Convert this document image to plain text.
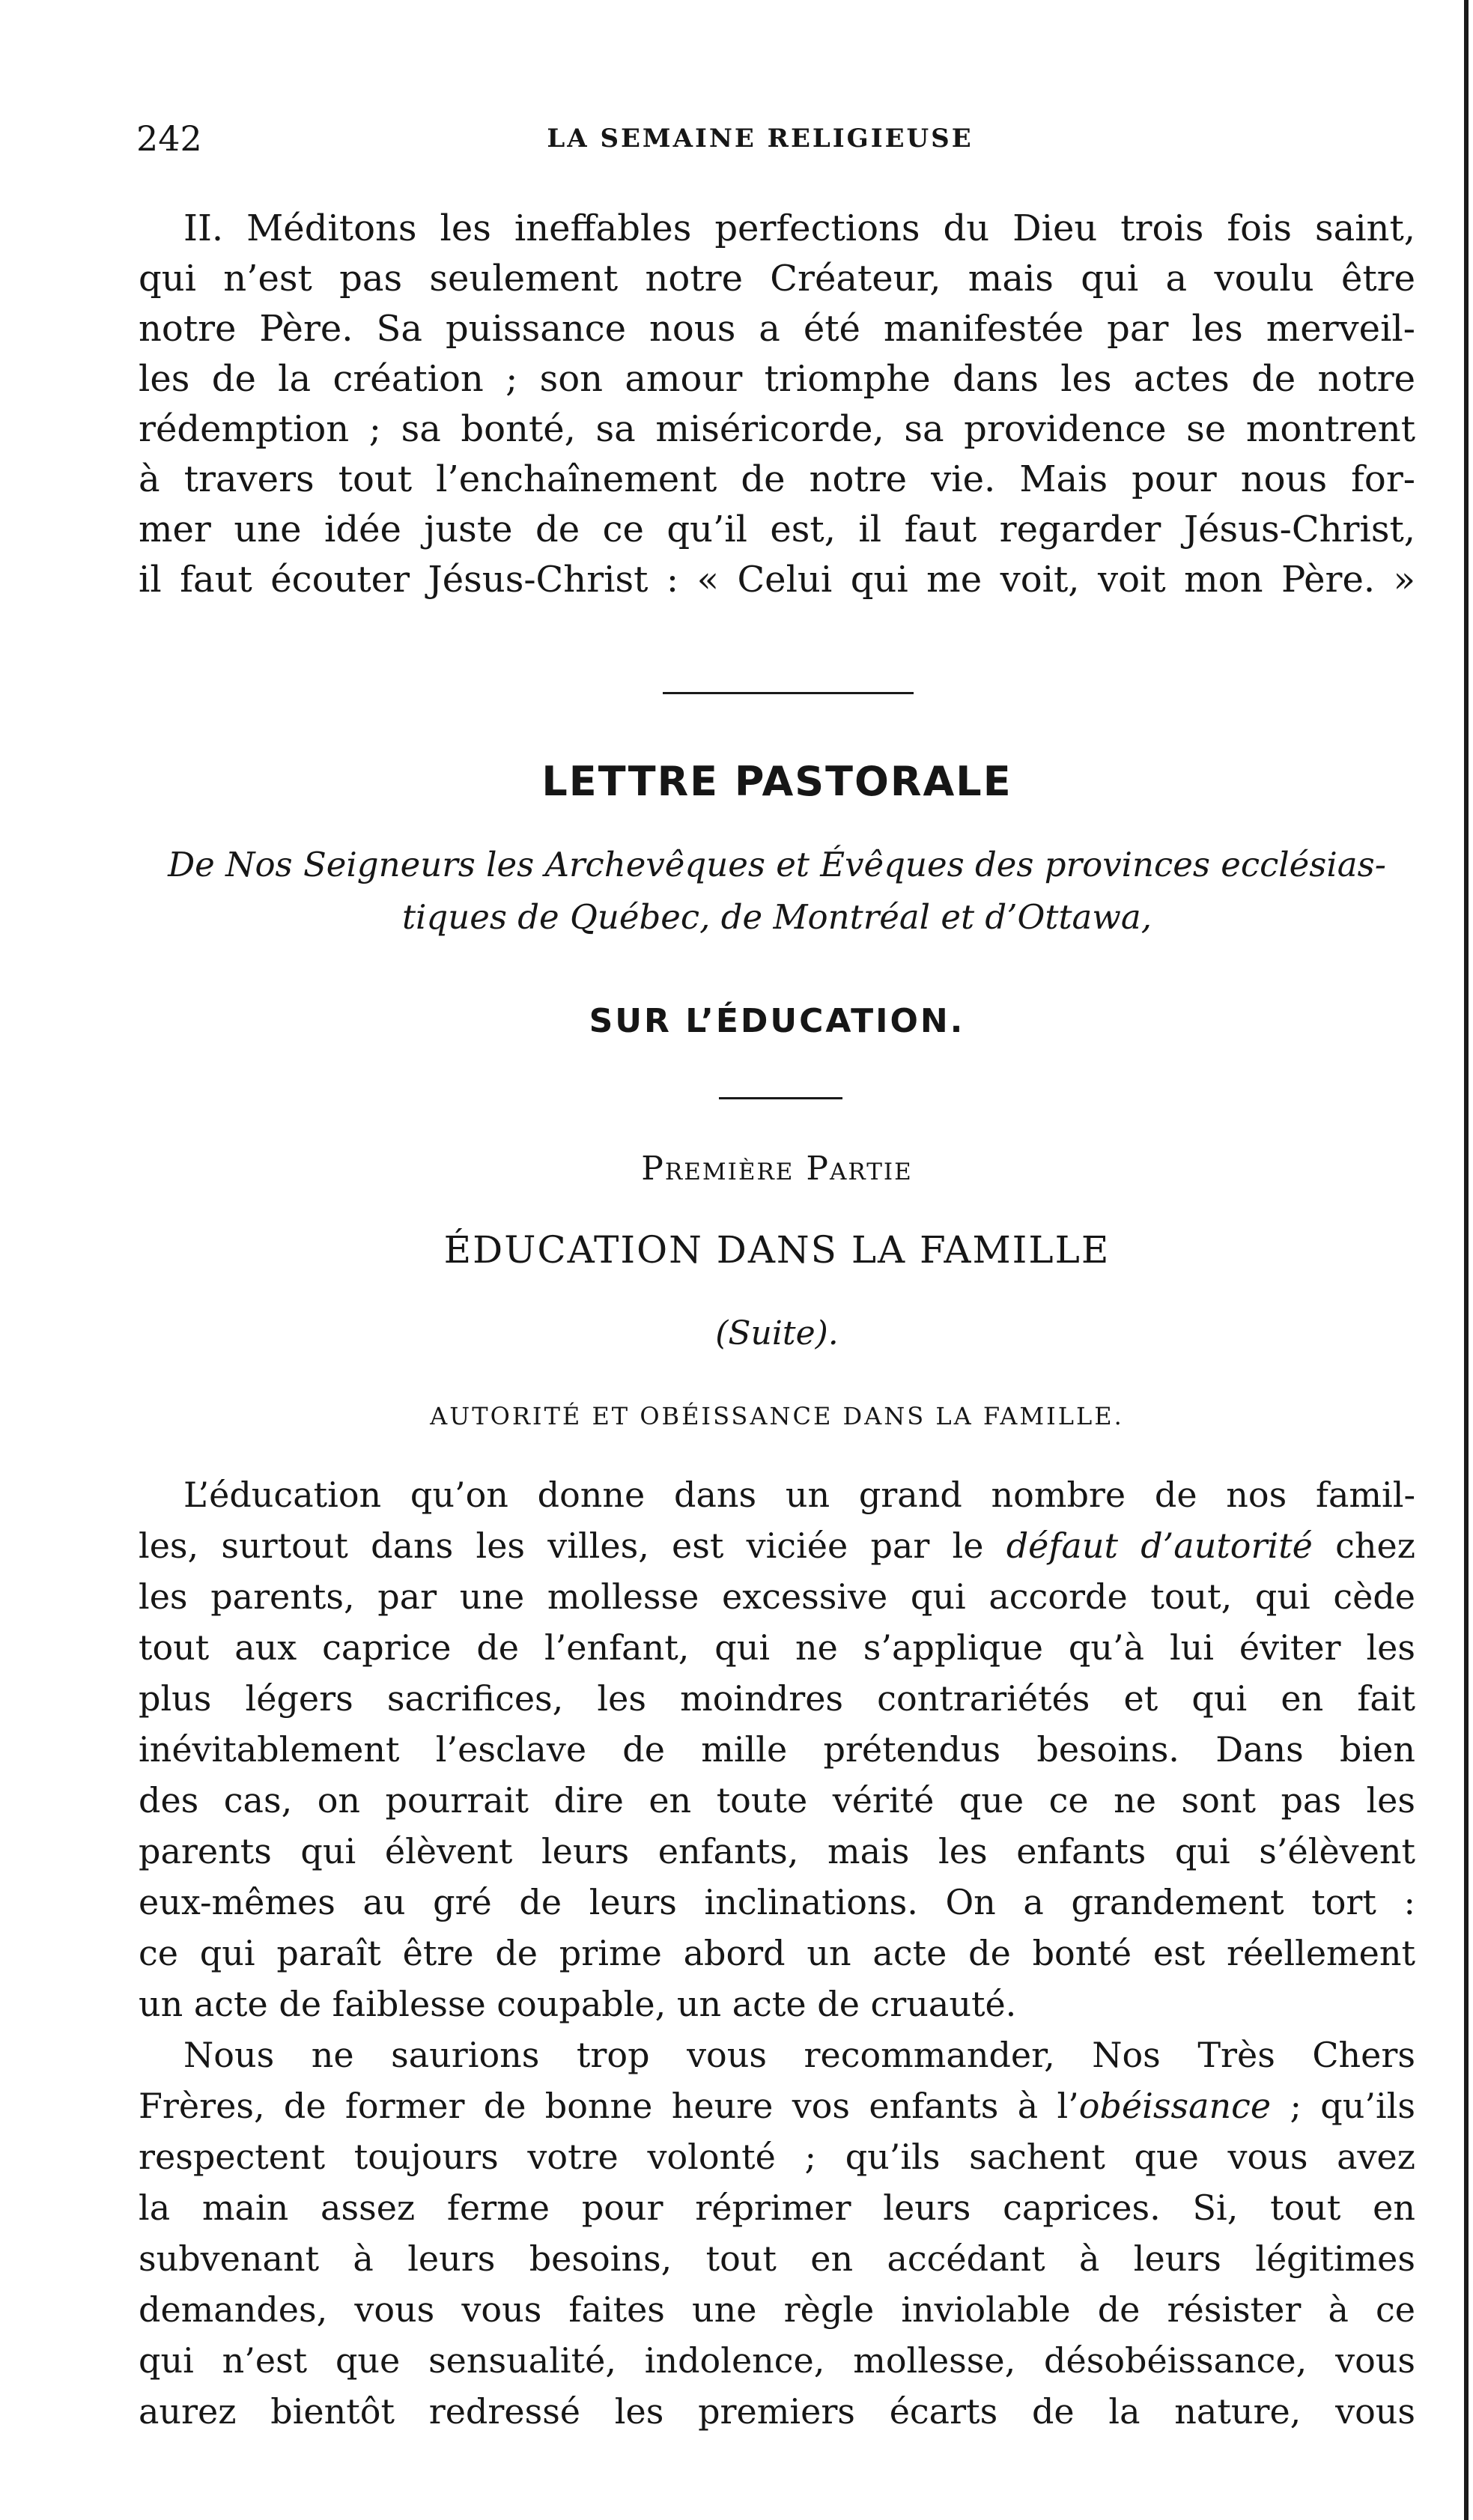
242	LA SEMAINE RELIGIEUSE
II. Méditons les ineffables perfections du Dieu trois fois saint,
qui n’est pas seulement notre Créateur, mais qui a voulu être
notre Père. Sa puissance nous a été manifestée par les merveil-
les de la création ; son amour triomphe dans les actes de notre
rédemption ; sa bonté, sa miséricorde, sa providence se montrent
à travers tout l’enchaînement de notre vie. Mais pour nous for-
mer une idée juste de ce qu’il est, il faut regarder Jésus-Christ,
il faut écouter Jésus-Christ : « Celui qui me voit, voit mon Père. »
LETTRE PASTORALE
De Nos Seigneurs les Archevêques et Évêques des provinces ecclésias-
tiques de Québec, de Montréal et d’Ottawa,
SUR L’ÉDUCATION.
Première Partie
ÉDUCATION DANS LA FAMILLE
(Suite).
AUTORITÉ ET OBÉISSANCE DANS LA FAMILLE.
L’éducation qu’on donne dans un grand nombre de nos famil-
les, surtout dans les villes, est viciée par le défaut d’autorité chez
les parents, par une mollesse excessive qui accorde tout, qui cède
tout aux caprice de l’enfant, qui ne s’applique qu’à lui éviter les
plus légers sacrifices, les moindres contrariétés et qui en fait
inévitablement l’esclave de mille prétendus besoins. Dans bien
des cas, on pourrait dire en toute vérité que ce ne sont pas les
parents qui élèvent leurs enfants, mais les enfants qui s’élèvent
eux-mêmes au gré de leurs inclinations. On a grandement tort :
ce qui paraît être de prime abord un acte de bonté est réellement
un acte de faiblesse coupable, un acte de cruauté.
Nous ne saurions trop vous recommander, Nos Très Chers
Frères, de former de bonne heure vos enfants à l’obéissance ; qu’ils
respectent toujours votre volonté ; qu’ils sachent que vous avez
la main assez ferme pour réprimer leurs caprices. Si, tout en
subvenant à leurs besoins, tout en accédant à leurs légitimes
demandes, vous vous faites une règle inviolable de résister à ce
qui n’est que sensualité, indolence, mollesse, désobéissance, vous
aurez bientôt redressé les premiers écarts de la nature, vous
